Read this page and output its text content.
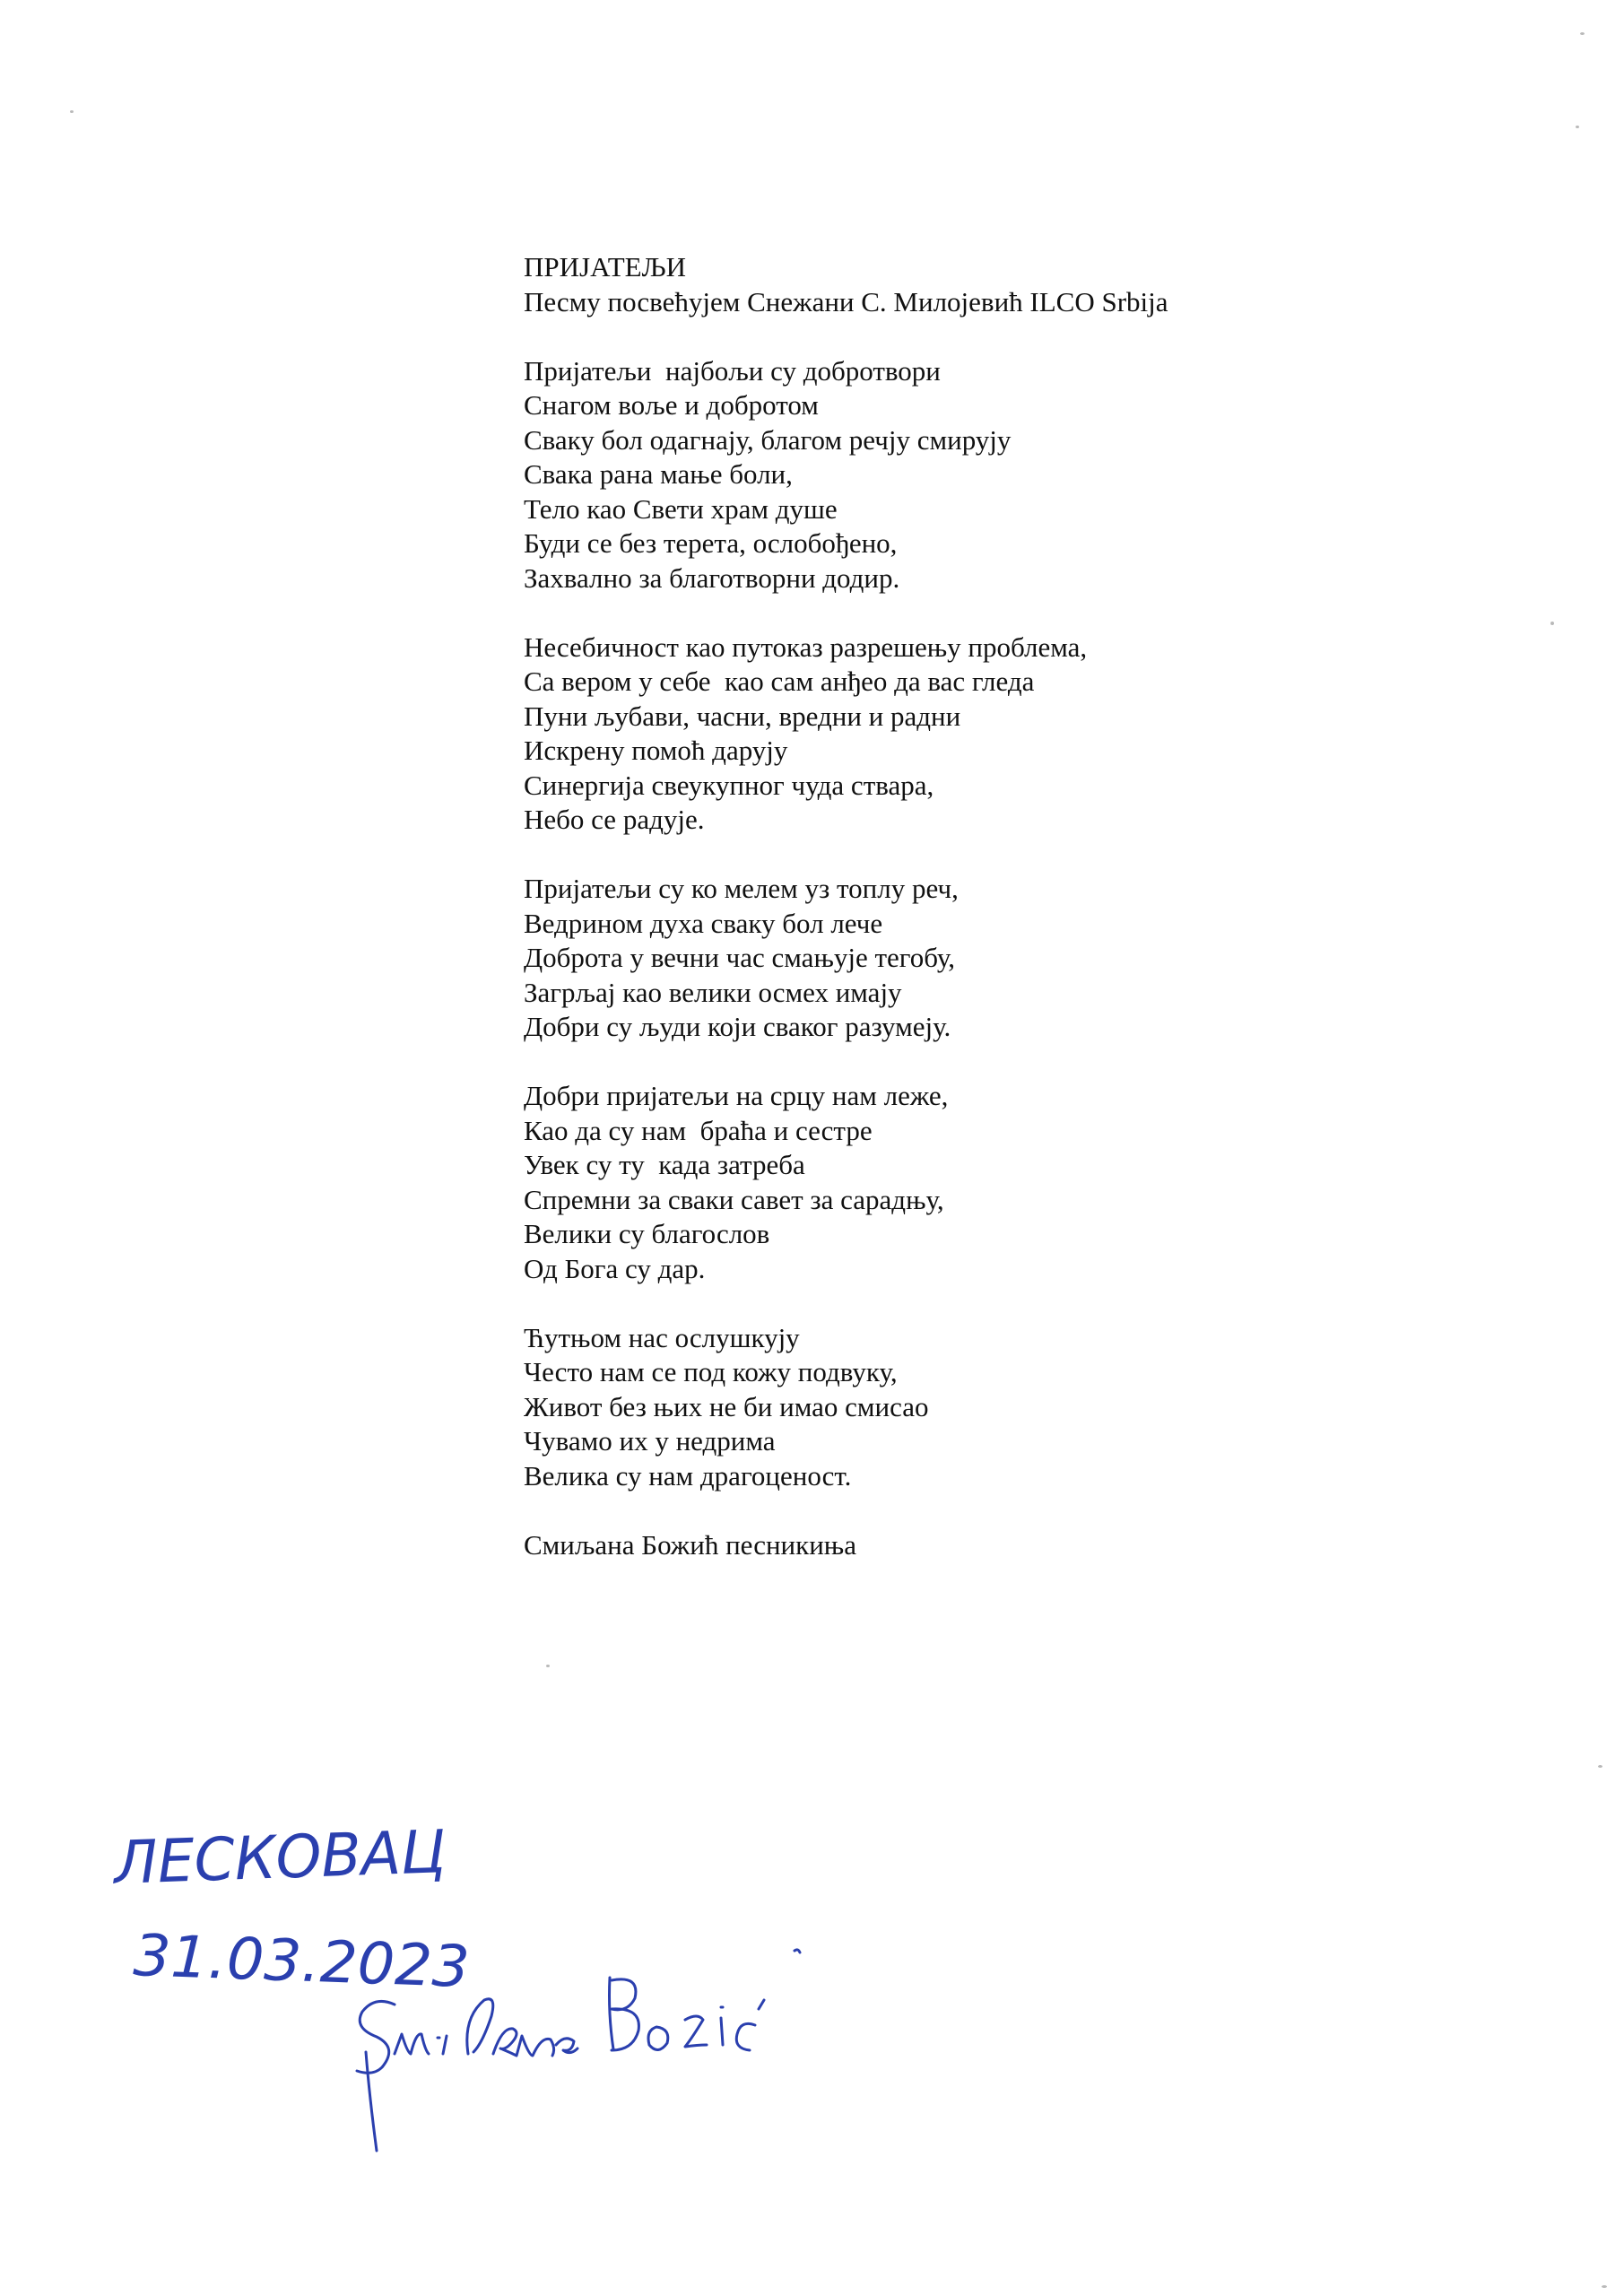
ПРИЈАТЕЉИ

Песму посвећујем Снежани С. Милојевић ILCO Srbija

Пријатељи  најбољи су добротвори
Снагом воље и добротом
Сваку бол одагнају, благом речју смирују
Свака рана мање боли,
Тело као Свети храм душе
Буди се без терета, ослобођено,
Захвално за благотворни додир.
Несебичност као путоказ разрешењу проблема,
Са вером у себе  као сам анђео да вас гледа
Пуни љубави, часни, вредни и радни
Искрену помоћ дарују
Синергија свеукупног чуда ствара,
Небо се радује.
Пријатељи су ко мелем уз топлу реч,
Ведрином духа сваку бол лече
Доброта у вечни час смањује тегобу,
Загрљај као велики осмех имају
Добри су људи који сваког разумеју.
Добри пријатељи на срцу нам леже,
Као да су нам  браћа и сестре
Увек су ту  када затреба
Спремни за сваки савет за сарадњу,
Велики су благослов
Од Бога су дар.
Ћутњом нас ослушкују
Често нам се под кожу подвуку,
Живот без њих не би имао смисао
Чувамо их у недрима
Велика су нам драгоценост.

Смиљана Божић песникиња

ЛЕСКОВАЦ
31.03.2023
